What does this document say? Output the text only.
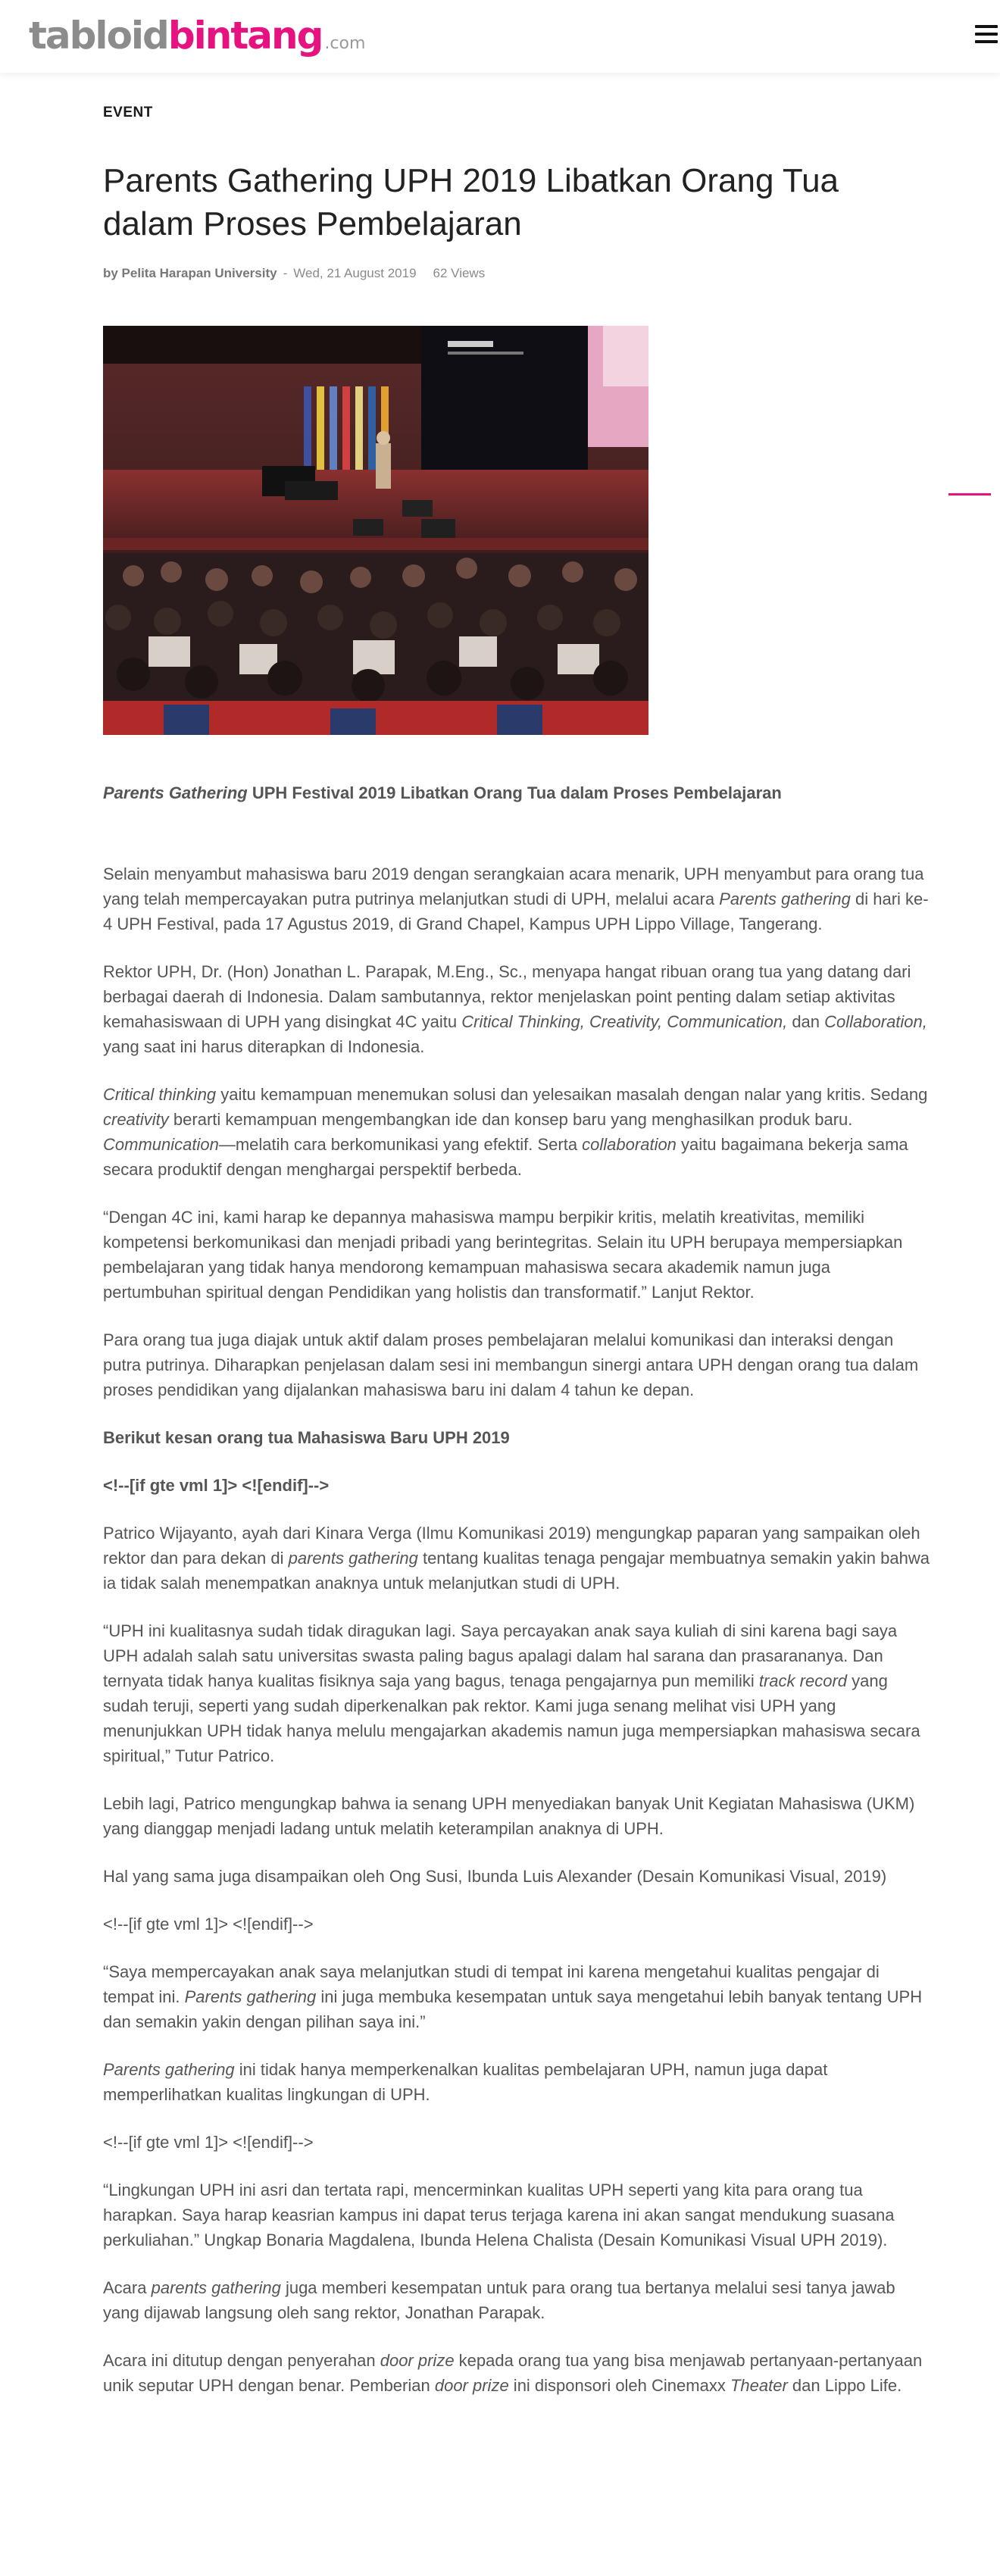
tabloid bintang .com
EVENT
Parents Gathering UPH 2019 Libatkan Orang Tua dalam Proses Pembelajaran
by Pelita Harapan University - Wed, 21 August 2019 62 Views
Parents Gathering UPH Festival 2019 Libatkan Orang Tua dalam Proses Pembelajaran

Selain menyambut mahasiswa baru 2019 dengan serangkaian acara menarik, UPH menyambut para orang tua yang telah mempercayakan putra putrinya melanjutkan studi di UPH, melalui acara Parents gathering di hari ke-4 UPH Festival, pada 17 Agustus 2019, di Grand Chapel, Kampus UPH Lippo Village, Tangerang.

Rektor UPH, Dr. (Hon) Jonathan L. Parapak, M.Eng., Sc., menyapa hangat ribuan orang tua yang datang dari berbagai daerah di Indonesia. Dalam sambutannya, rektor menjelaskan point penting dalam setiap aktivitas kemahasiswaan di UPH yang disingkat 4C yaitu Critical Thinking, Creativity, Communication, dan Collaboration, yang saat ini harus diterapkan di Indonesia.

Critical thinking yaitu kemampuan menemukan solusi dan yelesaikan masalah dengan nalar yang kritis. Sedang creativity berarti kemampuan mengembangkan ide dan konsep baru yang menghasilkan produk baru. Communication—melatih cara berkomunikasi yang efektif. Serta collaboration yaitu bagaimana bekerja sama secara produktif dengan menghargai perspektif berbeda.

“Dengan 4C ini, kami harap ke depannya mahasiswa mampu berpikir kritis, melatih kreativitas, memiliki kompetensi berkomunikasi dan menjadi pribadi yang berintegritas. Selain itu UPH berupaya mempersiapkan pembelajaran yang tidak hanya mendorong kemampuan mahasiswa secara akademik namun juga pertumbuhan spiritual dengan Pendidikan yang holistis dan transformatif.” Lanjut Rektor.

Para orang tua juga diajak untuk aktif dalam proses pembelajaran melalui komunikasi dan interaksi dengan putra putrinya. Diharapkan penjelasan dalam sesi ini membangun sinergi antara UPH dengan orang tua dalam proses pendidikan yang dijalankan mahasiswa baru ini dalam 4 tahun ke depan.

Berikut kesan orang tua Mahasiswa Baru UPH 2019

<!--[if gte vml 1]> <![endif]-->

Patrico Wijayanto, ayah dari Kinara Verga (Ilmu Komunikasi 2019) mengungkap paparan yang sampaikan oleh rektor dan para dekan di parents gathering tentang kualitas tenaga pengajar membuatnya semakin yakin bahwa ia tidak salah menempatkan anaknya untuk melanjutkan studi di UPH.

“UPH ini kualitasnya sudah tidak diragukan lagi. Saya percayakan anak saya kuliah di sini karena bagi saya UPH adalah salah satu universitas swasta paling bagus apalagi dalam hal sarana dan prasarananya. Dan ternyata tidak hanya kualitas fisiknya saja yang bagus, tenaga pengajarnya pun memiliki track record yang sudah teruji, seperti yang sudah diperkenalkan pak rektor. Kami juga senang melihat visi UPH yang menunjukkan UPH tidak hanya melulu mengajarkan akademis namun juga mempersiapkan mahasiswa secara spiritual,” Tutur Patrico.

Lebih lagi, Patrico mengungkap bahwa ia senang UPH menyediakan banyak Unit Kegiatan Mahasiswa (UKM) yang dianggap menjadi ladang untuk melatih keterampilan anaknya di UPH.

Hal yang sama juga disampaikan oleh Ong Susi, Ibunda Luis Alexander (Desain Komunikasi Visual, 2019)

<!--[if gte vml 1]> <![endif]-->

“Saya mempercayakan anak saya melanjutkan studi di tempat ini karena mengetahui kualitas pengajar di tempat ini. Parents gathering ini juga membuka kesempatan untuk saya mengetahui lebih banyak tentang UPH dan semakin yakin dengan pilihan saya ini.”

Parents gathering ini tidak hanya memperkenalkan kualitas pembelajaran UPH, namun juga dapat memperlihatkan kualitas lingkungan di UPH.

<!--[if gte vml 1]> <![endif]-->

“Lingkungan UPH ini asri dan tertata rapi, mencerminkan kualitas UPH seperti yang kita para orang tua harapkan. Saya harap keasrian kampus ini dapat terus terjaga karena ini akan sangat mendukung suasana perkuliahan.” Ungkap Bonaria Magdalena, Ibunda Helena Chalista (Desain Komunikasi Visual UPH 2019).

Acara parents gathering juga memberi kesempatan untuk para orang tua bertanya melalui sesi tanya jawab yang dijawab langsung oleh sang rektor, Jonathan Parapak.

Acara ini ditutup dengan penyerahan door prize kepada orang tua yang bisa menjawab pertanyaan-pertanyaan unik seputar UPH dengan benar. Pemberian door prize ini disponsori oleh Cinemaxx Theater dan Lippo Life.
